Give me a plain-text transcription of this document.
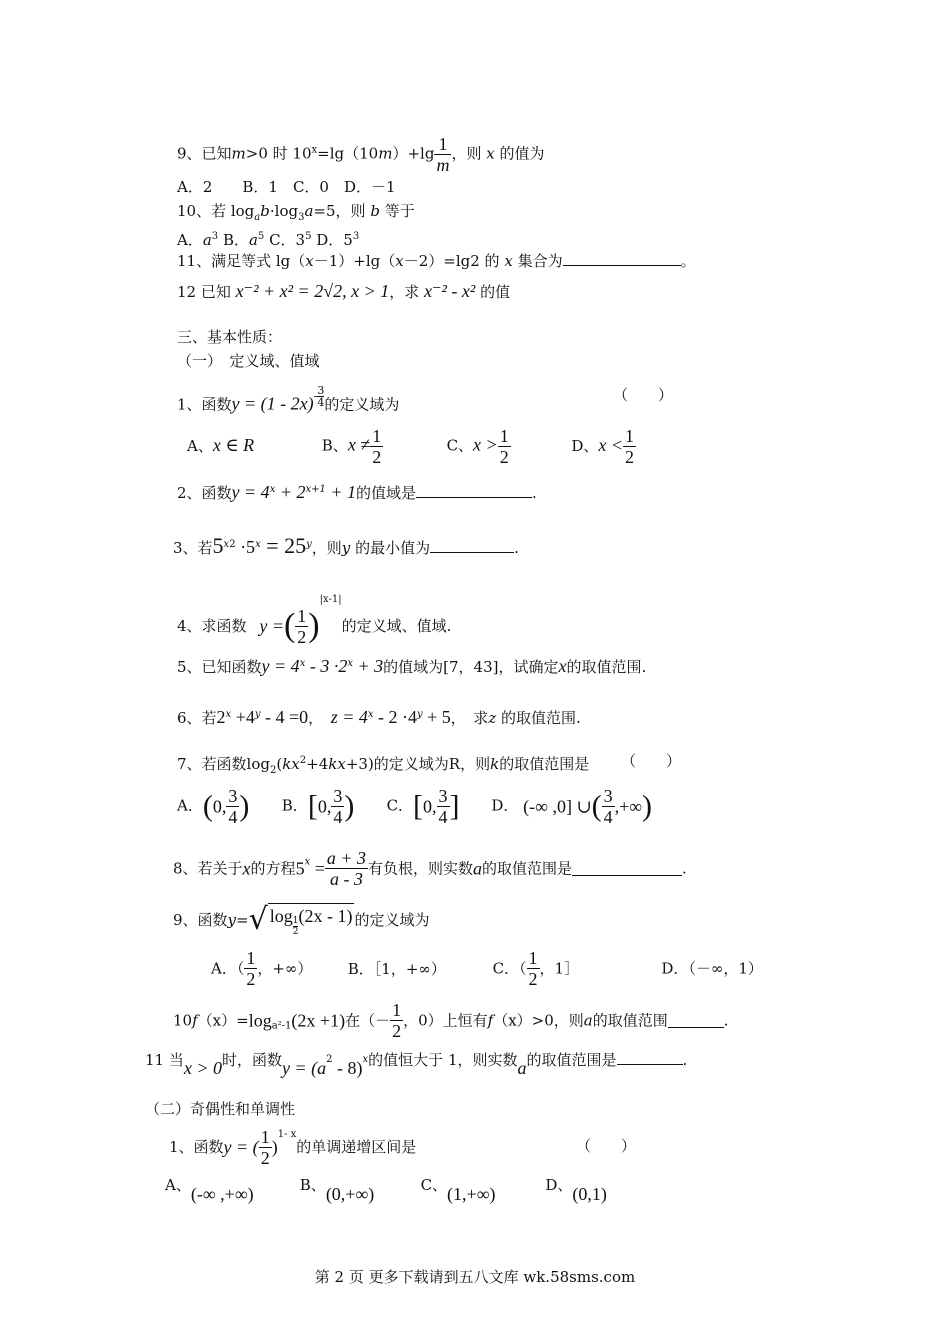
9、已知m>0 时 $10^x=\lg(10m)+\lg \frac{1}{m}$ ，则 x 的值为
A．2　　B．1　C．0　D．－1
10、若 $\log_ab\cdot\log_3a=5$，则 b 等于
A．$a^3$ B．$a^5$ C．$3^5$ D．$5^3$
11、满足等式 lg（x－1）+lg（x－2）=lg2 的 x 集合为	。
12 已知 x⁻² + x² = 2√2, x > 1，求 x⁻² - x² 的值
三、基本性质：
（一）　定义域、值域
1、函数$y = (1 - 2x)- \frac{3}{4}$ 的定义域为
（　　）
A、x ∈ R	B、$x \ne \frac{1}{2}$	C、$x > \frac{1}{2}$	D、$x < \frac{1}{2}$
2、函数$y = 4^x + 2^{x+1} + 1$的值域是	.
3、若$5^{x2} \cdot 5^x = 25^y$，则y 的最小值为	.
4、求函数 y =( $\frac{1}{2} )^{|x-1|}$的定义域、值域.
5、已知函数$y = 4^x - 3 \cdot 2^x + 3$的值域为[7，43]，试确定x的取值范围.
6、若$2^x +4^y - 4 =0$，　 $z = 4^x - 2 \cdot 4^y + 5$，　求z 的取值范围.
7、若函数$\log_2(kx^2+4kx+3)$的定义域为R，则k的取值范围是 （　　）
A．(0, $\frac{3}{4}$ ) B．[0, $\frac{3}{4}$ ) C．[0, $\frac{3}{4}$ ] D． (-∞ ,0] ∪( $\frac{3}{4}$ ,+∞)
8、若关于x的方程$5^x = \frac{a + 3}{a - 3}$ 有负根，则实数a的取值范围是	.
9、函数y=√ $\log \frac{1}{2} (2x - 1)$ 的定义域为
A．（ $\frac{1}{2}$ ，+∞） B．［1，+∞）	C．（ $\frac{1}{2}$ ，1］	D．（－∞，1）
$10f(x)=\log_{a^2-1}(2x +1)$在（－ $\frac{1}{2}$ ，0）上恒有f（x）>0，则a的取值范围	.
11 当x > 0时，函数$y = (a^2 - 8)^x$的值恒大于 1，则实数a的取值范围是	.
（二）奇偶性和单调性
1、函数y = ( $\frac{1}{2} )^{1- x}$的单调递增区间是	（　　）
A、(-∞ ,+∞)	B、(0,+∞)	C、(1,+∞)	D、(0,1)
第 2 页 更多下载请到五八文库 wk.58sms.com
